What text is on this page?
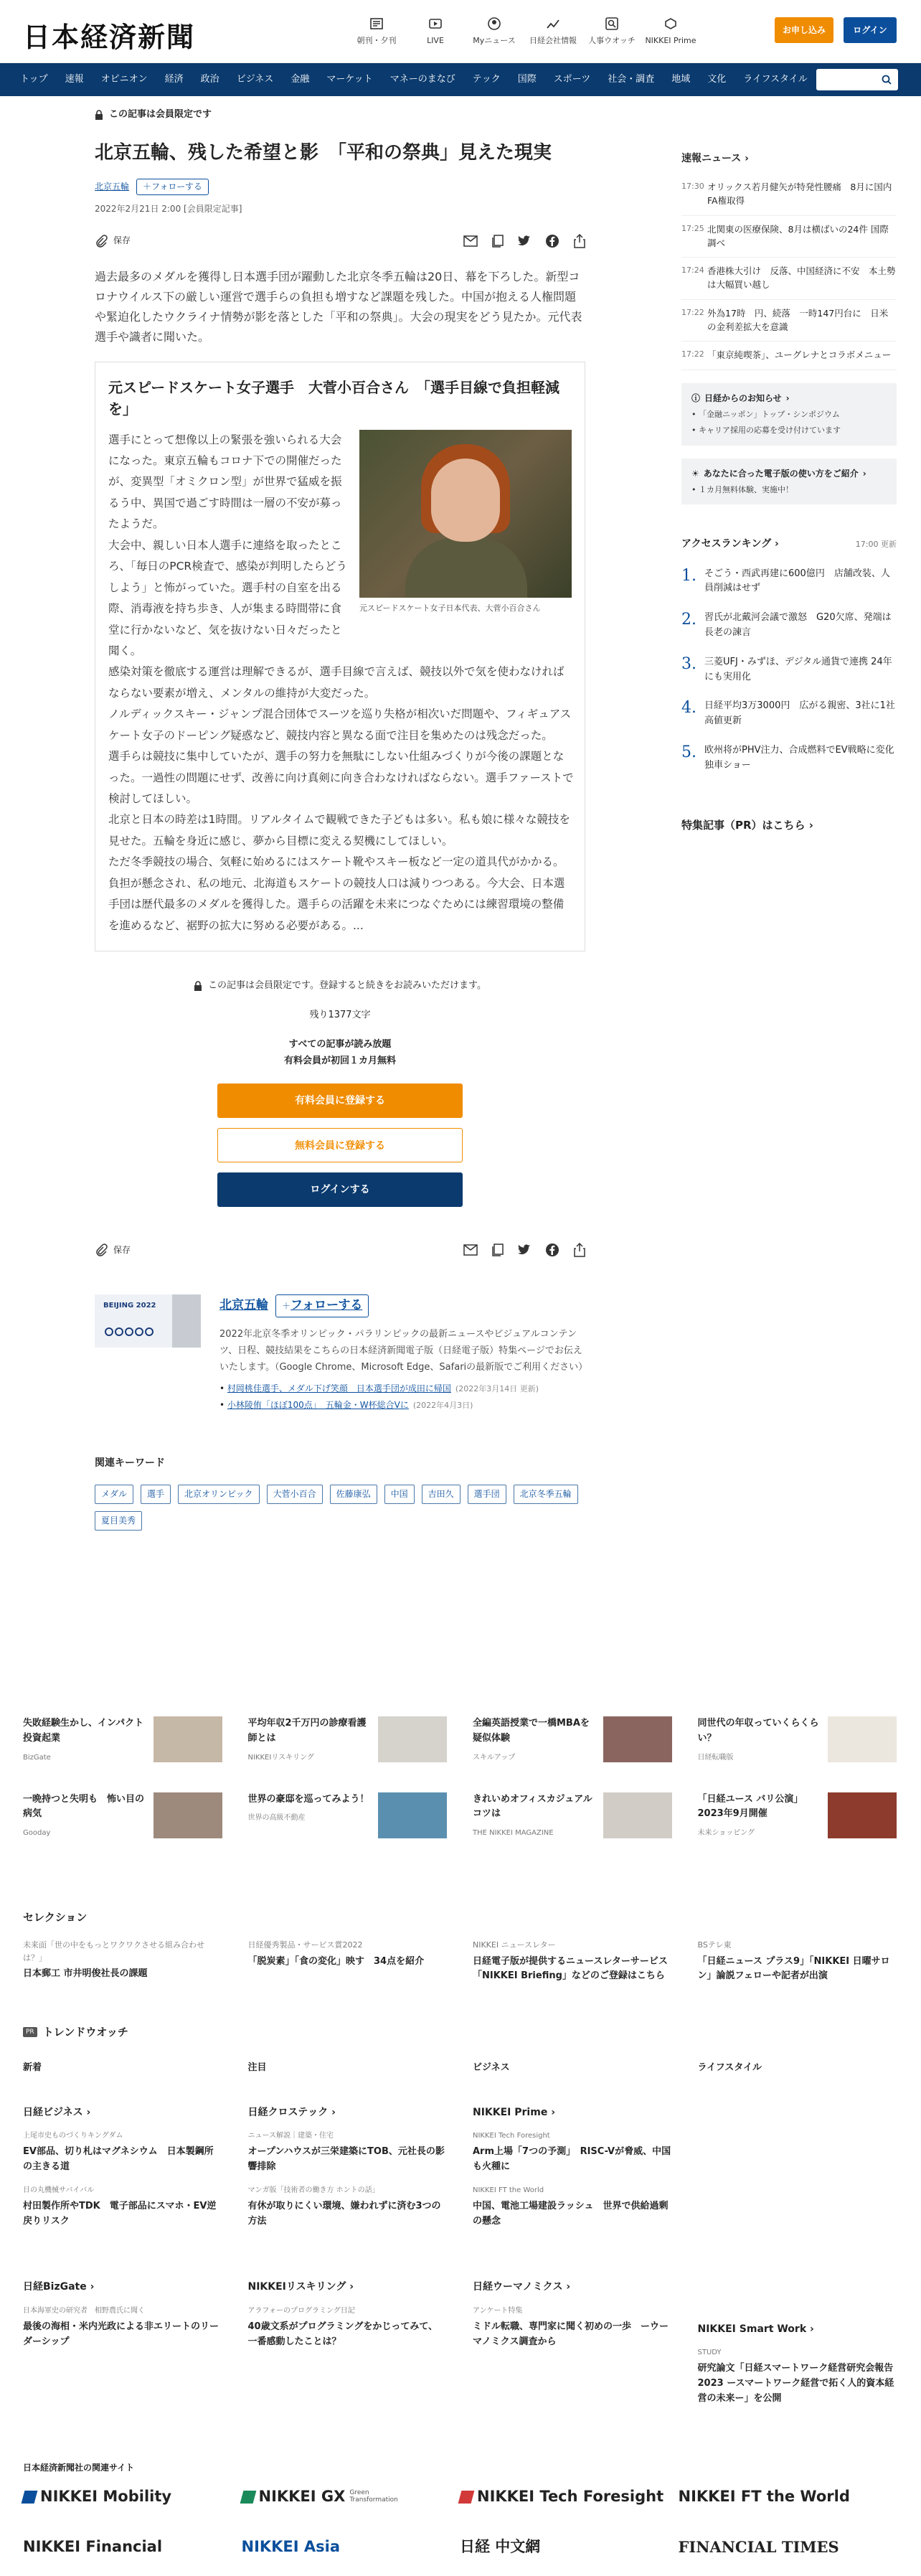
日本経済新聞	朝刊・夕刊	LIVE	Myニュース	日経会社情報	人事ウオッチ	NIKKEI Prime
お申し込み	ログイン
トップ 速報 オピニオン 経済 政治 ビジネス 金融 マーケット マネーのまなび テック 国際 スポーツ 社会・調査 地域 文化 ライフスタイル	記事・銘柄
この記事は会員限定です
北京五輪、残した希望と影　「平和の祭典」見えた現実
北京五輪	＋フォローする
2022年2月21日 2:00 [会員限定記事]
保存

過去最多のメダルを獲得し日本選手団が躍動した北京冬季五輪は20日、幕を下ろした。新型コロナウイルス下の厳しい運営で選手らの負担も増すなど課題を残した。中国が抱える人権問題や緊迫化したウクライナ情勢が影を落とした「平和の祭典」。大会の現実をどう見たか。元代表選手や識者に聞いた。

元スピードスケート女子選手　大菅小百合さん　「選手目線で負担軽減を」
元スピードスケート女子日本代表、大菅小百合さん

選手にとって想像以上の緊張を強いられる大会になった。東京五輪もコロナ下での開催だったが、変異型「オミクロン型」が世界で猛威を振るう中、異国で過ごす時間は一層の不安が募ったようだ。

大会中、親しい日本人選手に連絡を取ったところ、「毎日のPCR検査で、感染が判明したらどうしよう」と怖がっていた。選手村の自室を出る際、消毒液を持ち歩き、人が集まる時間帯に食堂に行かないなど、気を抜けない日々だったと聞く。

感染対策を徹底する運営は理解できるが、選手目線で言えば、競技以外で気を使わなければならない要素が増え、メンタルの維持が大変だった。

ノルディックスキー・ジャンプ混合団体でスーツを巡り失格が相次いだ問題や、フィギュアスケート女子のドーピング疑惑など、競技内容と異なる面で注目を集めたのは残念だった。

選手らは競技に集中していたが、選手の努力を無駄にしない仕組みづくりが今後の課題となった。一過性の問題にせず、改善に向け真剣に向き合わなければならない。選手ファーストで検討してほしい。

北京と日本の時差は1時間。リアルタイムで観戦できた子どもは多い。私も娘に様々な競技を見せた。五輪を身近に感じ、夢から目標に変える契機にしてほしい。

ただ冬季競技の場合、気軽に始めるにはスケート靴やスキー板など一定の道具代がかかる。負担が懸念され、私の地元、北海道もスケートの競技人口は減りつつある。今大会、日本選手団は歴代最多のメダルを獲得した。選手らの活躍を未来につなぐためには練習環境の整備を進めるなど、裾野の拡大に努める必要がある。...

この記事は会員限定です。登録すると続きをお読みいただけます。
残り1377文字
すべての記事が読み放題
有料会員が初回１カ月無料
有料会員に登録する
無料会員に登録する
ログインする
保存
BEIJING 2022	北京五輪	＋フォローする
2022年北京冬季オリンピック・パラリンピックの最新ニュースやビジュアルコンテンツ、日程、競技結果をこちらの日本経済新聞電子版（日経電子版）特集ページでお伝えいたします。（Google Chrome、Microsoft Edge、Safariの最新版でご利用ください）
• 村岡桃佳選手、メダル下げ笑顔　日本選手団が成田に帰国 (2022年3月14日 更新)
• 小林陵侑「ほぼ100点」　五輪金・W杯総合Vに (2022年4月3日)
関連キーワード
メダル	選手	北京オリンピック	大菅小百合	佐藤康弘	中国	吉田久	選手団	北京冬季五輪
夏目美秀
速報ニュース ›
17:30 オリックス若月健矢が特発性腰痛　8月に国内FA権取得
17:25 北関東の医療保険、8月は横ばいの24件 国際調べ
17:24 香港株大引け　反落、中国経済に不安　本土勢は大幅買い越し
17:22 外為17時　円、続落　一時147円台に　日米の金利差拡大を意識
17:22 「東京純喫茶」、ユーグレナとコラボメニュー
ⓘ 日経からのお知らせ ›
• 「金融ニッポン」トップ・シンポジウム
• キャリア採用の応募を受け付けています
☀ あなたに合った電子版の使い方をご紹介 ›
• １カ月無料体験、実施中！
アクセスランキング ›	17:00 更新
1. そごう・西武再建に600億円　店舗改装、人員削減はせず
2. 習氏が北戴河会議で激怒　G20欠席、発端は長老の諫言
3. 三菱UFJ・みずほ、デジタル通貨で連携 24年にも実用化
4. 日経平均3万3000円　広がる親密、3社に1社高値更新
5. 欧州将がPHV注力、合成燃料でEV戦略に変化　独車ショー
特集記事（PR）はこちら ›
失敗経験生かし、インパクト投資起業
BizGate
平均年収2千万円の診療看護師とは
NIKKEIリスキリング
全編英語授業で一橋MBAを疑似体験
スキルアップ
同世代の年収っていくらくらい？
日経転職版
一晩持つと失明も　怖い目の病気
Gooday
世界の豪邸を巡ってみよう！
世界の高級不動産
きれいめオフィスカジュアル　コツは
THE NIKKEI MAGAZINE
「日経ユース バリ公演」2023年9月開催
未来ショッピング
セレクション
未来面「世の中をもっとワクワクさせる組み合わせは？」
日本郵工 市井明俊社長の課題
日経優秀製品・サービス賞2022
「脱炭素」「食の変化」映す　34点を紹介
NIKKEI ニュースレター
日経電子版が提供するニュースレターサービス「NIKKEI Briefing」などのご登録はこちら
BSテレ東
「日経ニュース プラス9」「NIKKEI 日曜サロン」論説フェローや記者が出演
PR トレンドウオッチ
新着
日経ビジネス ›
上尾市史ものづくりキングダム
EV部品、切り札はマグネシウム　日本製鋼所の主きる道
日の丸機械サバイバル
村田製作所やTDK　電子部品にスマホ・EV逆戻りリスク
日経BizGate ›
日本海軍史の研究者　相野農氏に聞く
最後の海相・米内光政による非エリートのリーダーシップ
注目
日経クロステック ›
ニュース解説｜建築・住宅
オープンハウスが三栄建築にTOB、元社長の影響排除
マンガ版「技術者の働き方 ホントの話」
有休が取りにくい環境、嫌われずに済む3つの方法
NIKKEIリスキリング ›
アラフォーのプログラミング日記
40歳文系がプログラミングをかじってみて、一番感動したことは？
ビジネス
NIKKEI Prime ›
NIKKEI Tech Foresight
Arm上場「7つの予測」　RISC-Vが脅威、中国も火種に
NIKKEI FT the World
中国、電池工場建設ラッシュ　世界で供給過剰の懸念
日経ウーマノミクス ›
アンケート特集
ミドル転職、専門家に聞く初めの一歩　ーウーマノミクス調査から
ライフスタイル
NIKKEI Smart Work ›
STUDY
研究論文「日経スマートワーク経営研究会報告2023 ースマートワーク経営で拓く人的資本経営の未来ー」を公開
日本経済新聞社の関連サイト
NIKKEI Mobility	NIKKEI GX Green Transformation	NIKKEI Tech Foresight NIKKEI FT the World
NIKKEI Financial	NIKKEI Asia	日経 中文網	FINANCIAL TIMES
